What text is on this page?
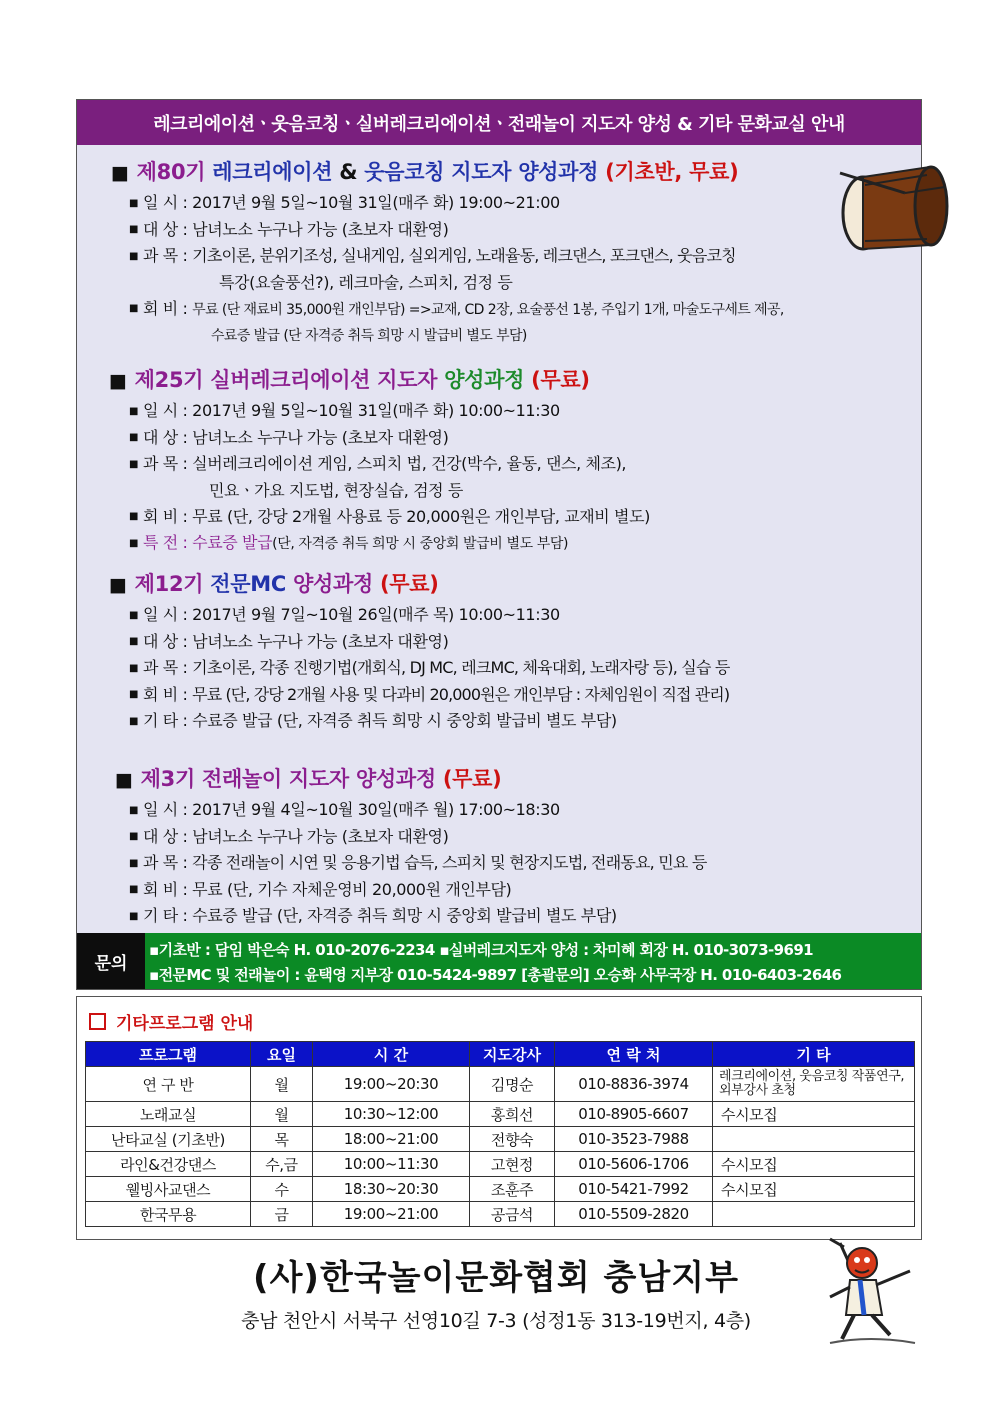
레크리에이션ㆍ웃음코칭ㆍ실버레크리에이션ㆍ전래놀이 지도자 양성 & 기타 문화교실 안내
■ 제80기 레크리에이션 & 웃음코칭 지도자 양성과정 (기초반, 무료)
■ 일 시 : 2017년 9월 5일~10월 31일(매주 화) 19:00~21:00
■ 대 상 : 남녀노소 누구나 가능 (초보자 대환영)
■ 과 목 : 기초이론, 분위기조성, 실내게임, 실외게임, 노래율동, 레크댄스, 포크댄스, 웃음코칭
특강(요술풍선?), 레크마술, 스피치, 검정 등
■ 회 비 : 무료 (단 재료비 35,000원 개인부담) =>교재, CD 2장, 요술풍선 1봉, 주입기 1개, 마술도구세트 제공,
수료증 발급 (단 자격증 취득 희망 시 발급비 별도 부담)
■ 제25기 실버레크리에이션 지도자 양성과정 (무료)
■ 일 시 : 2017년 9월 5일~10월 31일(매주 화) 10:00~11:30
■ 대 상 : 남녀노소 누구나 가능 (초보자 대환영)
■ 과 목 : 실버레크리에이션 게임, 스피치 법, 건강(박수, 율동, 댄스, 체조),
민요ㆍ가요 지도법, 현장실습, 검정 등
■ 회 비 : 무료 (단, 강당 2개월 사용료 등 20,000원은 개인부담, 교재비 별도)
■ 특 전 : 수료증 발급(단, 자격증 취득 희망 시 중앙회 발급비 별도 부담)
■ 제12기 전문MC 양성과정 (무료)
■ 일 시 : 2017년 9월 7일~10월 26일(매주 목) 10:00~11:30
■ 대 상 : 남녀노소 누구나 가능 (초보자 대환영)
■ 과 목 : 기초이론, 각종 진행기법(개회식, DJ MC, 레크MC, 체육대회, 노래자랑 등), 실습 등
■ 회 비 : 무료 (단, 강당 2개월 사용 및 다과비 20,000원은 개인부담 : 자체임원이 직접 관리)
■ 기 타 : 수료증 발급 (단, 자격증 취득 희망 시 중앙회 발급비 별도 부담)
■ 제3기 전래놀이 지도자 양성과정 (무료)
■ 일 시 : 2017년 9월 4일~10월 30일(매주 월) 17:00~18:30
■ 대 상 : 남녀노소 누구나 가능 (초보자 대환영)
■ 과 목 : 각종 전래놀이 시연 및 응용기법 습득, 스피치 및 현장지도법, 전래동요, 민요 등
■ 회 비 : 무료 (단, 기수 자체운영비 20,000원 개인부담)
■ 기 타 : 수료증 발급 (단, 자격증 취득 희망 시 중앙회 발급비 별도 부담)
문의
▪기초반 : 담임 박은숙 H. 010-2076-2234 ▪실버레크지도자 양성 : 차미혜 회장 H. 010-3073-9691
▪전문MC 및 전래놀이 : 윤택영 지부장 010-5424-9897 [총괄문의] 오승화 사무국장 H. 010-6403-2646
기타프로그램 안내
프로그램	요일	시 간	지도강사	연 락 처	기 타
연 구 반	월	19:00~20:30	김명순	010-8836-3974	레크리에이션, 웃음코칭 작품연구, 외부강사 초청
노래교실	월	10:30~12:00	홍희선	010-8905-6607	수시모집
난타교실 (기초반)	목	18:00~21:00	전향숙	010-3523-7988	
라인&건강댄스	수,금	10:00~11:30	고현정	010-5606-1706	수시모집
웰빙사교댄스	수	18:30~20:30	조훈주	010-5421-7992	수시모집
한국무용	금	19:00~21:00	공금석	010-5509-2820	
(사)한국놀이문화협회 충남지부
충남 천안시 서북구 선영10길 7-3 (성정1동 313-19번지, 4층)
